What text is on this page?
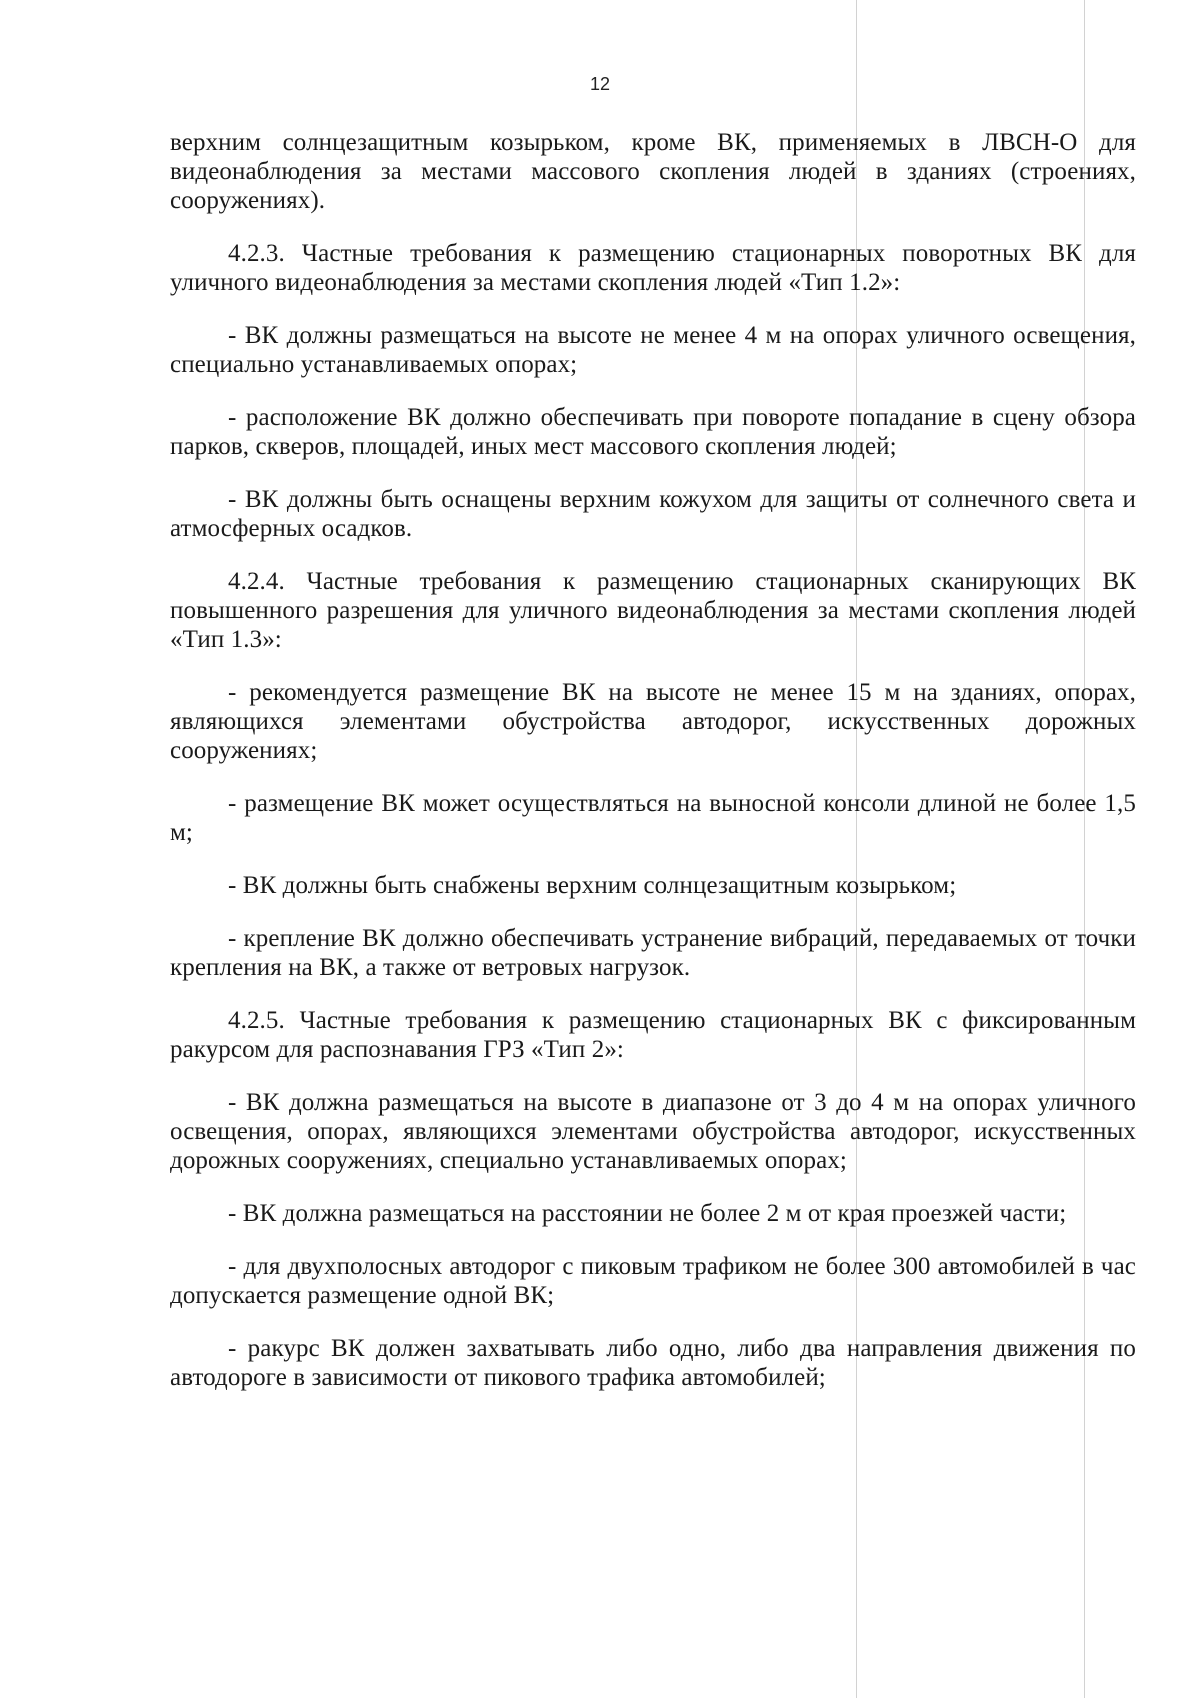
12

верхним солнцезащитным козырьком, кроме ВК, применяемых в ЛВСН-О для видеонаблюдения за местами массового скопления людей в зданиях (строениях, сооружениях).

4.2.3. Частные требования к размещению стационарных поворотных ВК для уличного видеонаблюдения за местами скопления людей «Тип 1.2»:

- ВК должны размещаться на высоте не менее 4 м на опорах уличного освещения, специально устанавливаемых опорах;

- расположение ВК должно обеспечивать при повороте попадание в сцену обзора парков, скверов, площадей, иных мест массового скопления людей;

- ВК должны быть оснащены верхним кожухом для защиты от солнечного света и атмосферных осадков.

4.2.4. Частные требования к размещению стационарных сканирующих ВК повышенного разрешения для уличного видеонаблюдения за местами скопления людей «Тип 1.3»:

- рекомендуется размещение ВК на высоте не менее 15 м на зданиях, опорах, являющихся элементами обустройства автодорог, искусственных дорожных сооружениях;

- размещение ВК может осуществляться на выносной консоли длиной не более 1,5 м;

- ВК должны быть снабжены верхним солнцезащитным козырьком;

- крепление ВК должно обеспечивать устранение вибраций, передаваемых от точки крепления на ВК, а также от ветровых нагрузок.

4.2.5. Частные требования к размещению стационарных ВК с фиксированным ракурсом для распознавания ГРЗ «Тип 2»:

- ВК должна размещаться на высоте в диапазоне от 3 до 4 м на опорах уличного освещения, опорах, являющихся элементами обустройства автодорог, искусственных дорожных сооружениях, специально устанавливаемых опорах;

- ВК должна размещаться на расстоянии не более 2 м от края проезжей части;

- для двухполосных автодорог с пиковым трафиком не более 300 автомобилей в час допускается размещение одной ВК;

- ракурс ВК должен захватывать либо одно, либо два направления движения по автодороге в зависимости от пикового трафика автомобилей;
